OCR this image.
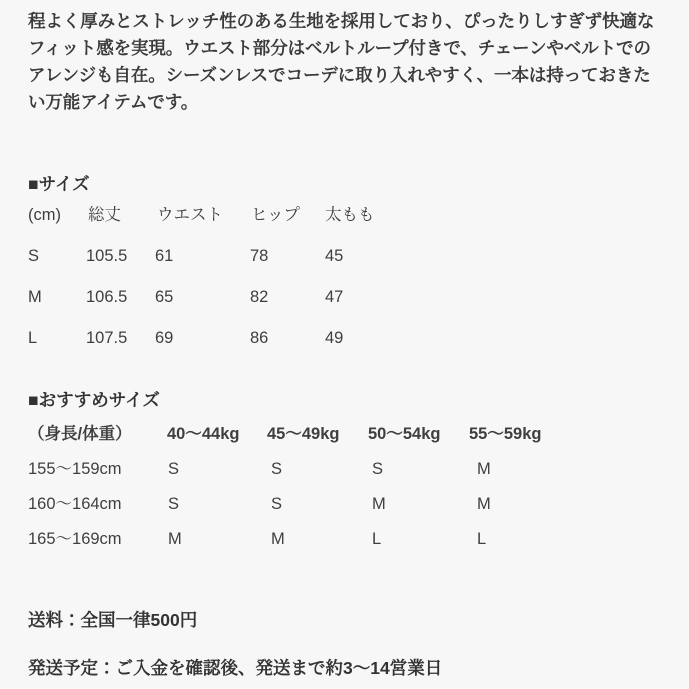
程よく厚みとストレッチ性のある生地を採用しており、ぴったりしすぎず快適なフィット感を実現。ウエスト部分はベルトループ付きで、チェーンやベルトでのアレンジも自在。シーズンレスでコーデに取り入れやすく、一本は持っておきたい万能アイテムです。
■サイズ
(cm) 総丈 ウエスト ヒップ 太もも
S	105.5 61	78	45
M	106.5 65	82	47
L	107.5 69	86	49
■おすすめサイズ
（身長/体重） 40〜44kg 45〜49kg 50〜54kg 55〜59kg
155〜159cm	S	S	S	M
160〜164cm	S	S	M	M
165〜169cm	M	M	L	L
送料：全国一律500円
発送予定：ご入金を確認後、発送まで約3〜14営業日
